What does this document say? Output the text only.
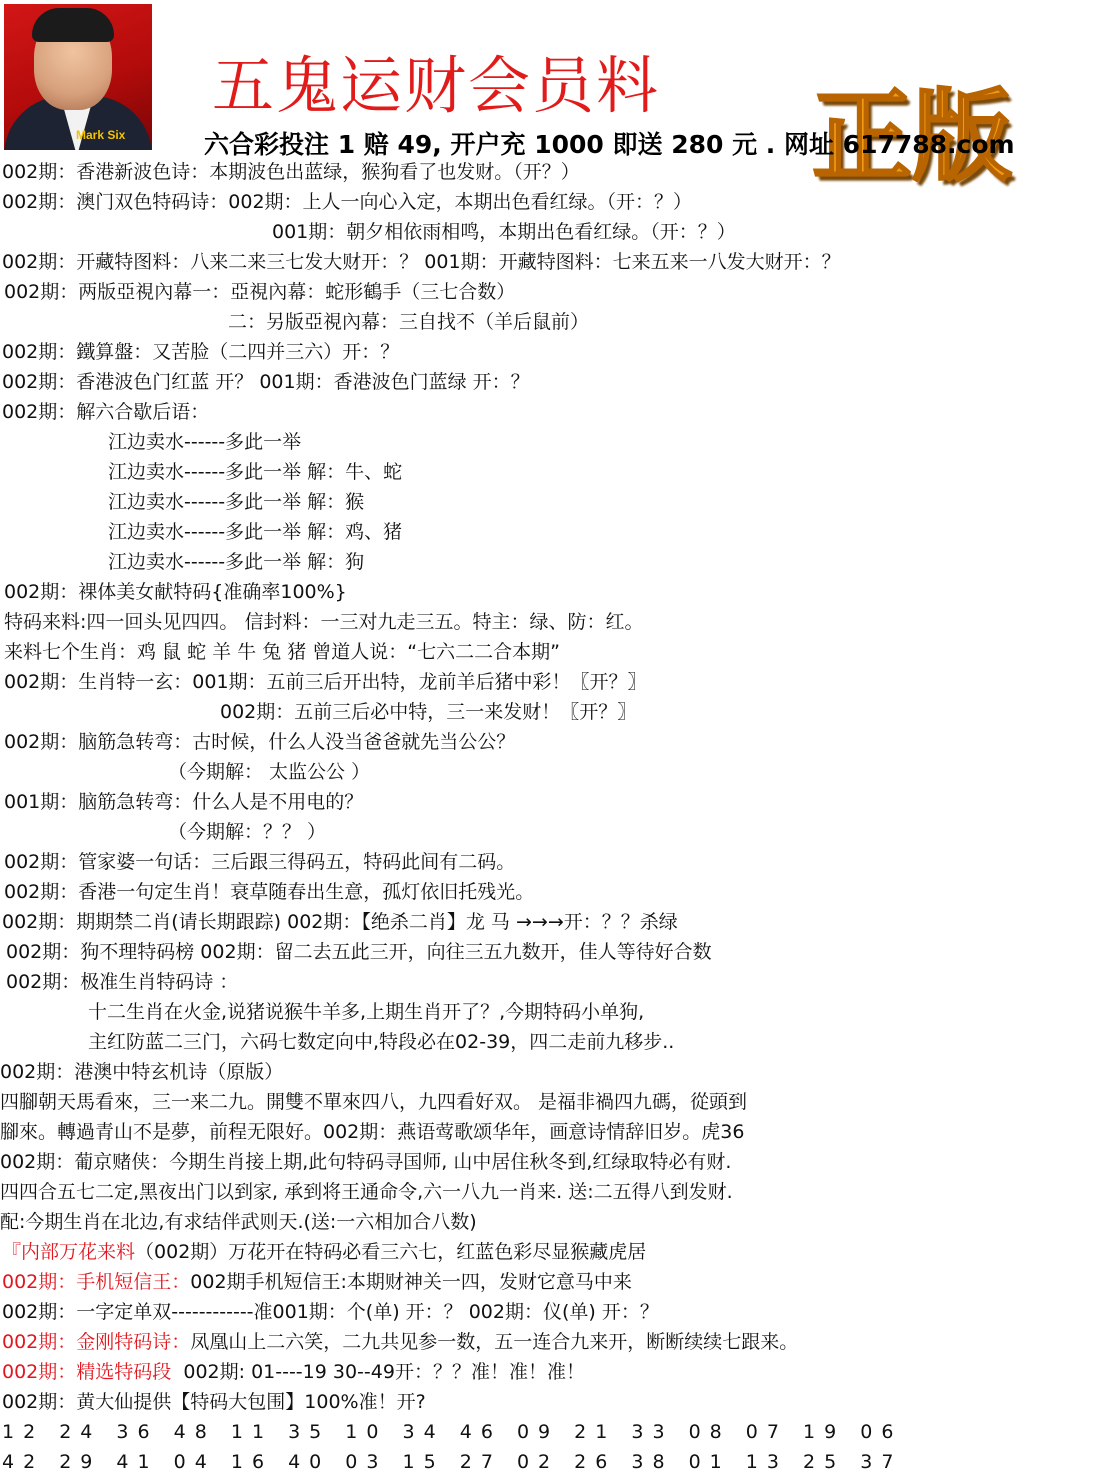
Mark Six
五鬼运财会员料 正版
六合彩投注 1 赔 49, 开户充 1000 即送 280 元 . 网址 617788.com
002期：香港新波色诗：本期波色出蓝绿，猴狗看了也发财。（开？）
002期：澳门双色特码诗：002期：上人一向心入定，本期出色看红绿。（开：？）
001期：朝夕相依雨相鸣，本期出色看红绿。（开：？）
002期：开藏特图料：八来二来三七发大财开：？ 001期：开藏特图料：七来五来一八发大财开：？
002期：两版亞視內幕一：亞視內幕：蛇形鶴手（三七合数）
二：另版亞視內幕：三自找不（羊后鼠前）
002期：鐵算盤：又苦脸（二四并三六）开：？
002期：香港波色门红蓝 开？ 001期：香港波色门蓝绿 开：？
002期：解六合歇后语：
江边卖水------多此一举
江边卖水------多此一举 解：牛、蛇
江边卖水------多此一举 解：猴
江边卖水------多此一举 解：鸡、猪
江边卖水------多此一举 解：狗
002期：裸体美女献特码{准确率100%}
特码来料:四一回头见四四。 信封料：一三对九走三五。特主：绿、防：红。
来料七个生肖：鸡 鼠 蛇 羊 牛 兔 猪 曾道人说：“七六二二合本期”
002期：生肖特一玄：001期：五前三后开出特，龙前羊后猪中彩！〖开？〗
002期：五前三后必中特，三一来发财！〖开？〗
002期：脑筋急转弯：古时候，什么人没当爸爸就先当公公？
（今期解： 太监公公 ）
001期：脑筋急转弯：什么人是不用电的？
（今期解：？？ ）
002期：管家婆一句话：三后跟三得码五，特码此间有二码。
002期：香港一句定生肖！衰草随春出生意，孤灯依旧托残光。
002期：期期禁二肖(请长期跟踪) 002期：【绝杀二肖】龙 马 →→→开：？？杀绿
002期：狗不理特码榜 002期：留二去五此三开，向往三五九数开，佳人等待好合数
002期：极准生肖特码诗 ：
十二生肖在火金,说猪说猴牛羊多,上期生肖开了？,今期特码小单狗,
主红防蓝二三门，六码七数定向中,特段必在02-39，四二走前九移步..
002期：港澳中特玄机诗（原版）
四腳朝天馬看來，三一来二九。開雙不單來四八，九四看好双。 是福非禍四九碼，從頭到
腳來。轉過青山不是夢，前程无限好。002期：燕语莺歌颂华年，画意诗情辞旧岁。虎36
002期：葡京赌侠：今期生肖接上期,此句特码寻国师, 山中居住秋冬到,红绿取特必有财.
四四合五七二定,黑夜出门以到家, 承到将王通命令,六一八九一肖来. 送:二五得八到发财.
配:今期生肖在北边,有求结伴武则天.(送:一六相加合八数)
『内部万花来料（002期）万花开在特码必看三六七，红蓝色彩尽显猴藏虎居
002期：手机短信王：002期手机短信王:本期财神关一四，发财它意马中来
002期：一字定单双------------准001期：个(单) 开：？ 002期：仪(单) 开：？
002期：金刚特码诗：凤凰山上二六笑，二九共见参一数，五一连合九来开，断断续续七跟来。
002期：精选特码段 002期: 01----19 30--49开：？？准！准！准！
002期：黄大仙提供【特码大包围】100%准！开?
12 24 36 48 11 35 10 34 46 09 21 33 08 07 19 06
42 29 41 04 16 40 03 15 27 02 26 38 01 13 25 37
